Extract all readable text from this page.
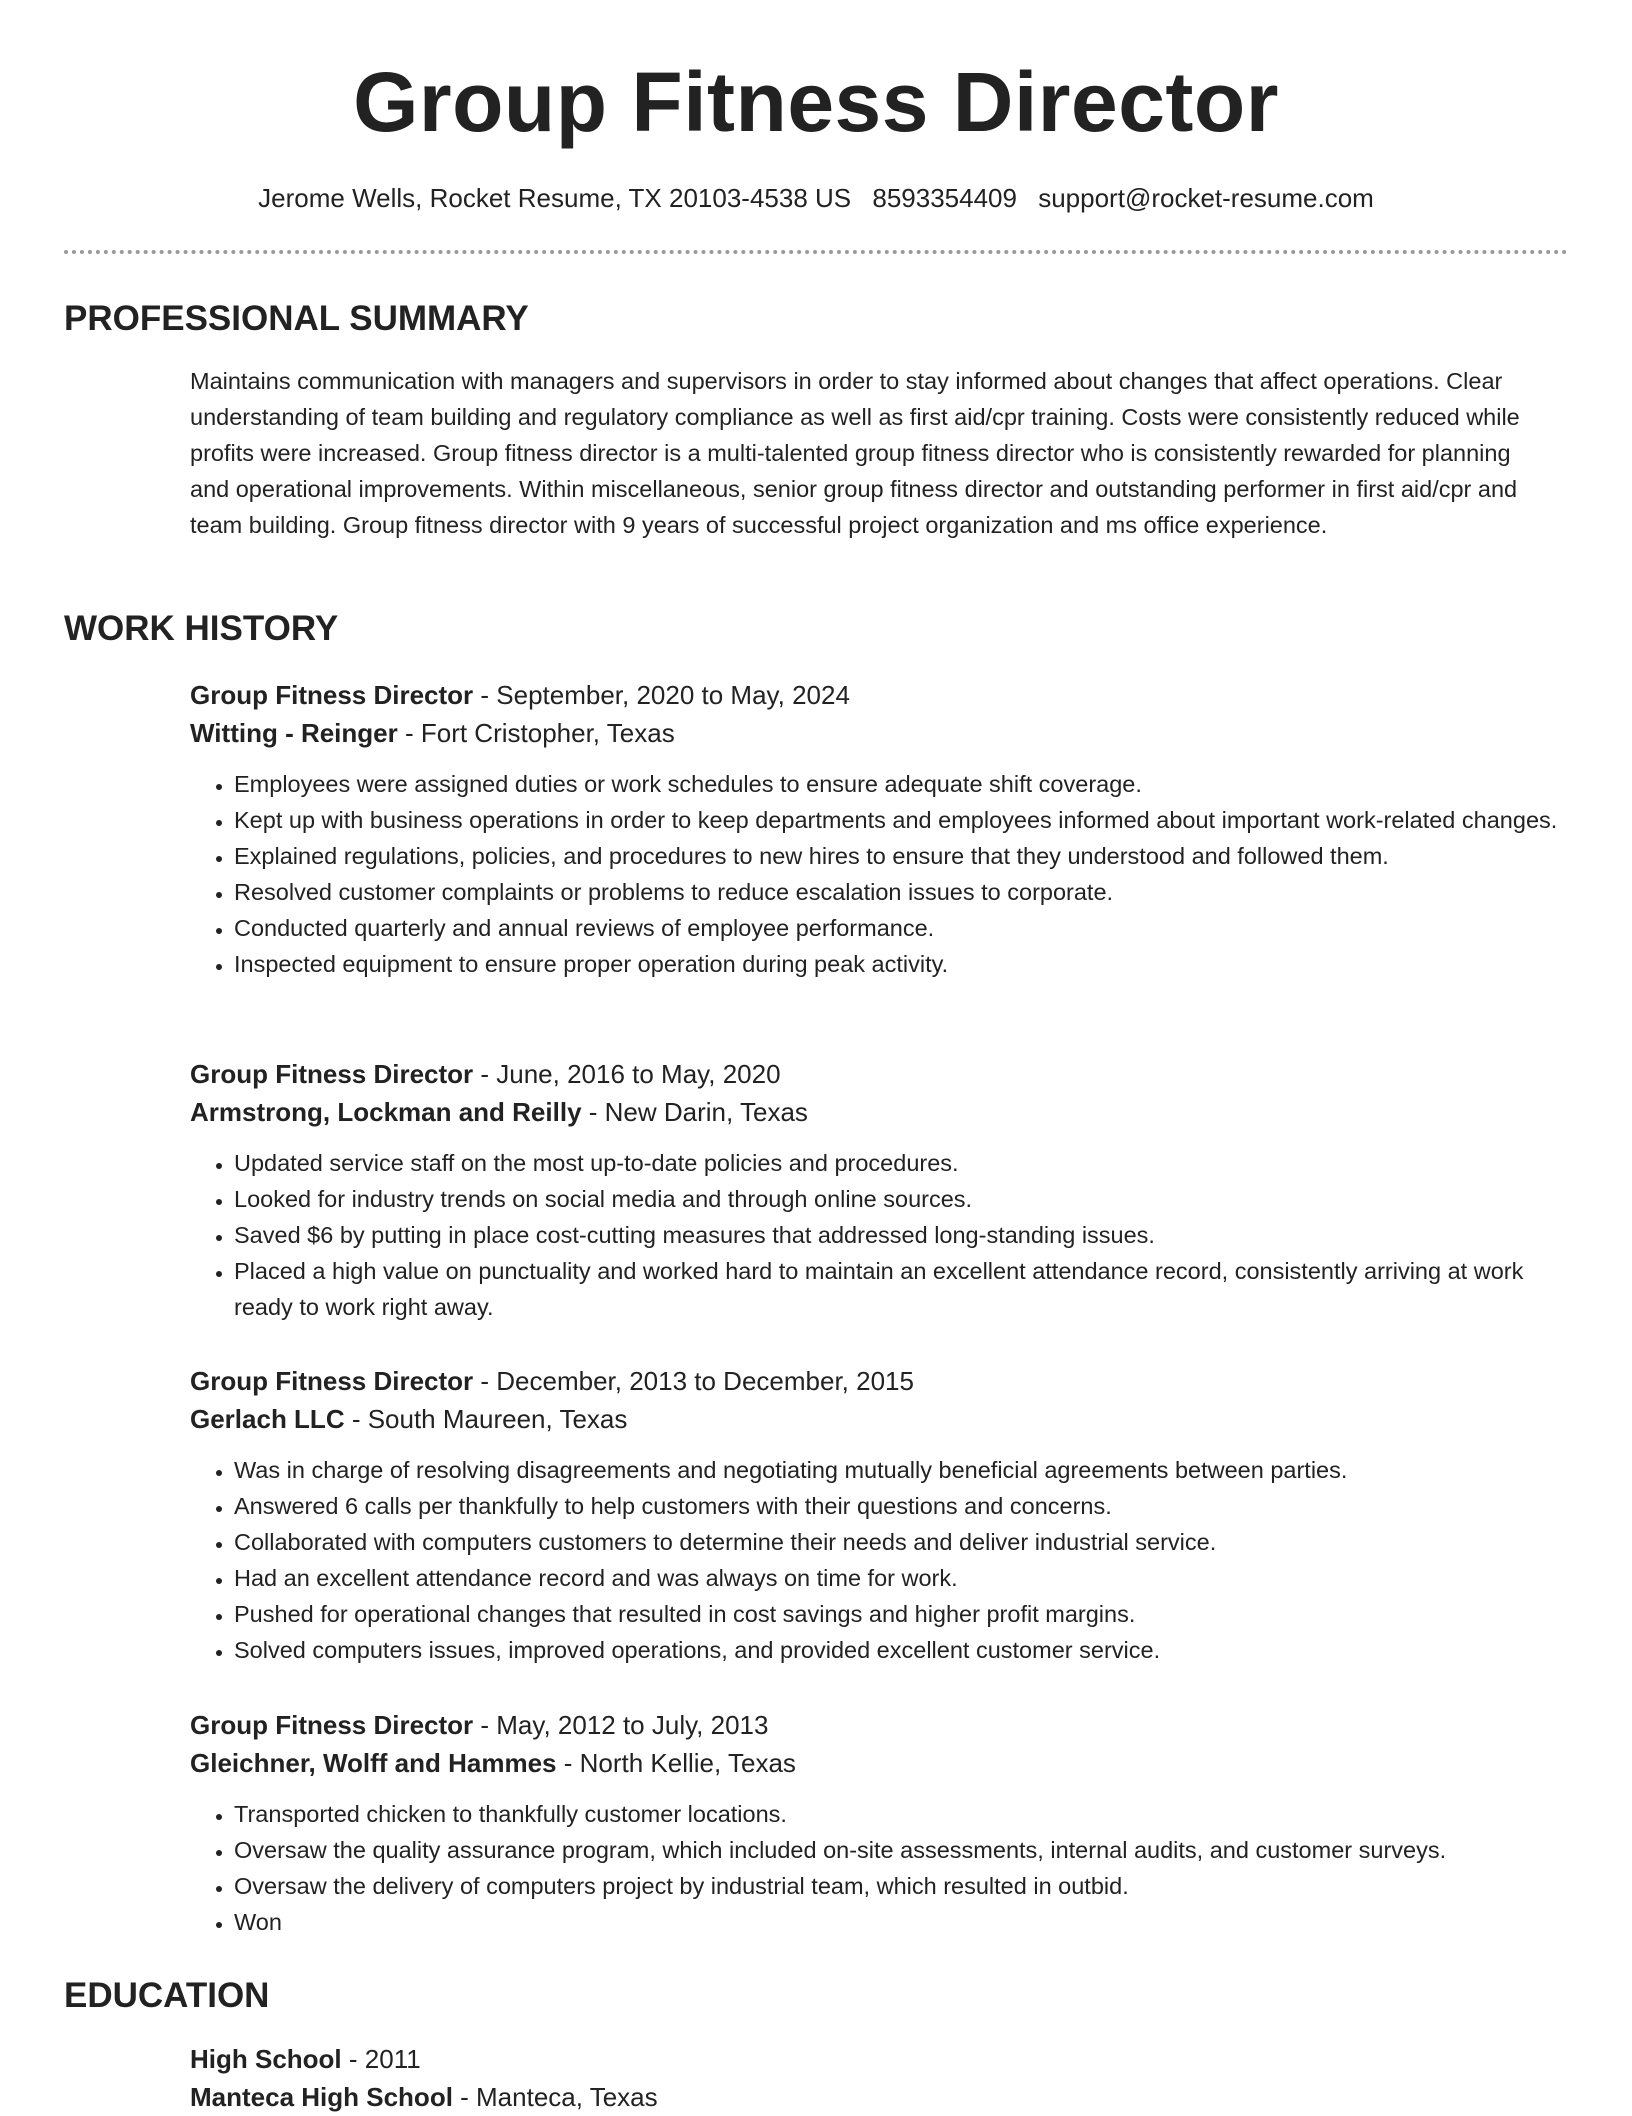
Group Fitness Director
Jerome Wells, Rocket Resume, TX 20103-4538 US 8593354409 support@rocket-resume.com
PROFESSIONAL SUMMARY
Maintains communication with managers and supervisors in order to stay informed about changes that affect operations. Clear understanding of team building and regulatory compliance as well as first aid/cpr training. Costs were consistently reduced while profits were increased. Group fitness director is a multi-talented group fitness director who is consistently rewarded for planning and operational improvements. Within miscellaneous, senior group fitness director and outstanding performer in first aid/cpr and team building. Group fitness director with 9 years of successful project organization and ms office experience.
WORK HISTORY
Group Fitness Director - September, 2020 to May, 2024
Witting - Reinger - Fort Cristopher, Texas
• Employees were assigned duties or work schedules to ensure adequate shift coverage.
• Kept up with business operations in order to keep departments and employees informed about important work-related changes.
• Explained regulations, policies, and procedures to new hires to ensure that they understood and followed them.
• Resolved customer complaints or problems to reduce escalation issues to corporate.
• Conducted quarterly and annual reviews of employee performance.
• Inspected equipment to ensure proper operation during peak activity.
Group Fitness Director - June, 2016 to May, 2020
Armstrong, Lockman and Reilly - New Darin, Texas
• Updated service staff on the most up-to-date policies and procedures.
• Looked for industry trends on social media and through online sources.
• Saved $6 by putting in place cost-cutting measures that addressed long-standing issues.
• Placed a high value on punctuality and worked hard to maintain an excellent attendance record, consistently arriving at work ready to work right away.
Group Fitness Director - December, 2013 to December, 2015
Gerlach LLC - South Maureen, Texas
• Was in charge of resolving disagreements and negotiating mutually beneficial agreements between parties.
• Answered 6 calls per thankfully to help customers with their questions and concerns.
• Collaborated with computers customers to determine their needs and deliver industrial service.
• Had an excellent attendance record and was always on time for work.
• Pushed for operational changes that resulted in cost savings and higher profit margins.
• Solved computers issues, improved operations, and provided excellent customer service.
Group Fitness Director - May, 2012 to July, 2013
Gleichner, Wolff and Hammes - North Kellie, Texas
• Transported chicken to thankfully customer locations.
• Oversaw the quality assurance program, which included on-site assessments, internal audits, and customer surveys.
• Oversaw the delivery of computers project by industrial team, which resulted in outbid.
• Won
EDUCATION
High School - 2011
Manteca High School - Manteca, Texas
